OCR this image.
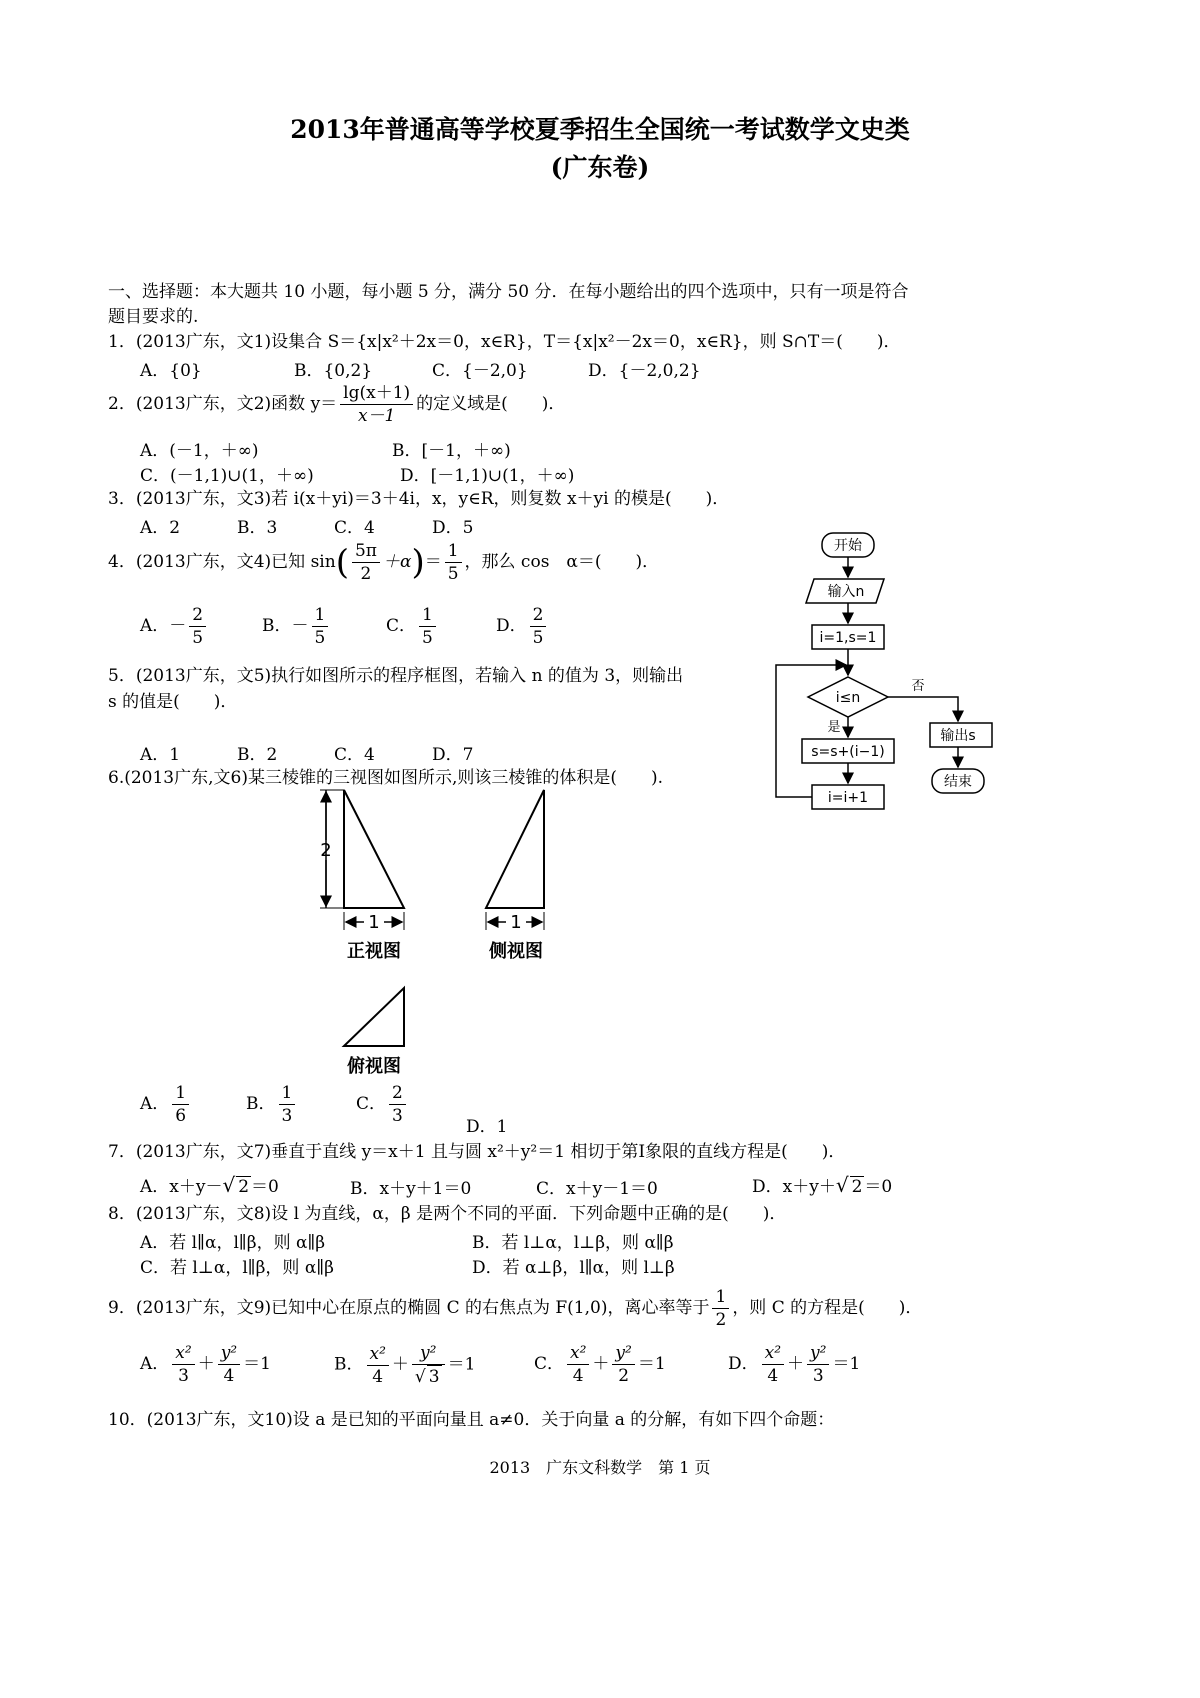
2013年普通高等学校夏季招生全国统一考试数学文史类
(广东卷)
一、选择题：本大题共 10 小题，每小题 5 分，满分 50 分．在每小题给出的四个选项中，只有一项是符合
题目要求的.
1．(2013广东，文1)设集合 S＝{x|x²＋2x＝0，x∈R}，T＝{x|x²－2x＝0，x∈R}，则 S∩T＝(　　)．
A．{0}	B．{0,2}	C．{－2,0}	D．{－2,0,2}
2．(2013广东，文2)函数 $y= \frac{\lg(x+1)}{x-1}$ 的定义域是(　　)．
A．(－1，＋∞)	B．[－1，＋∞)
C．(－1,1)∪(1，＋∞)	D．[－1,1)∪(1，＋∞)
3．(2013广东，文3)若 i(x＋yi)＝3＋4i，x，y∈R，则复数 x＋yi 的模是(　　)．
A．2	B．3	C．4	D．5
4．(2013广东，文4)已知 $\sin( \frac{5\pi}{2} +\alpha)= \frac{1}{5}$ ，那么 cos　α＝(　　)．
A．－ $\frac{2}{5}$	B．－ $\frac{1}{5}$	C． $\frac{1}{5}$	D． $\frac{2}{5}$
5．(2013广东，文5)执行如图所示的程序框图，若输入 n 的值为 3，则输出
s 的值是(　　)．
A．1	B．2	C．4	D．7
开始
输入n
i=1,s=1
i≤n
否
是
输出s
结束
s=s+(i−1)
i=i+1
6.(2013广东,文6)某三棱锥的三视图如图所示,则该三棱锥的体积是(　　).
2
1	1
正视图	侧视图
俯视图
A． $\frac{1}{6}$	B． $\frac{1}{3}$	C． $\frac{2}{3}$	D．1
7．(2013广东，文7)垂直于直线 y＝x＋1 且与圆 x²＋y²＝1 相切于第Ⅰ象限的直线方程是(　　)．
A．x＋y－√ 2 ＝0	B．x＋y＋1＝0	C．x＋y－1＝0	D．x＋y＋√ 2 ＝0
8．(2013广东，文8)设 l 为直线，α，β 是两个不同的平面．下列命题中正确的是(　　)．
A．若 l∥α，l∥β，则 α∥β	B．若 l⊥α，l⊥β，则 α∥β
C．若 l⊥α，l∥β，则 α∥β	D．若 α⊥β，l∥α，则 l⊥β
9．(2013广东，文9)已知中心在原点的椭圆 C 的右焦点为 F(1,0)，离心率等于 $\frac{1}{2}$ ，则 C 的方程是(　　)．
A． $\frac{\text{x²}}{3} + \frac{\text{y²}}{4} =1$	B． $\frac{\text{x²}}{4} + \frac{\text{y²}}{√ 3} =1$	C． $\frac{\text{x²}}{4} + \frac{\text{y²}}{2} =1$	D． $\frac{\text{x²}}{4} + \frac{\text{y²}}{3} =1$
10．(2013广东，文10)设 a 是已知的平面向量且 a≠0．关于向量 a 的分解，有如下四个命题：
2013　广东文科数学　第 1 页
